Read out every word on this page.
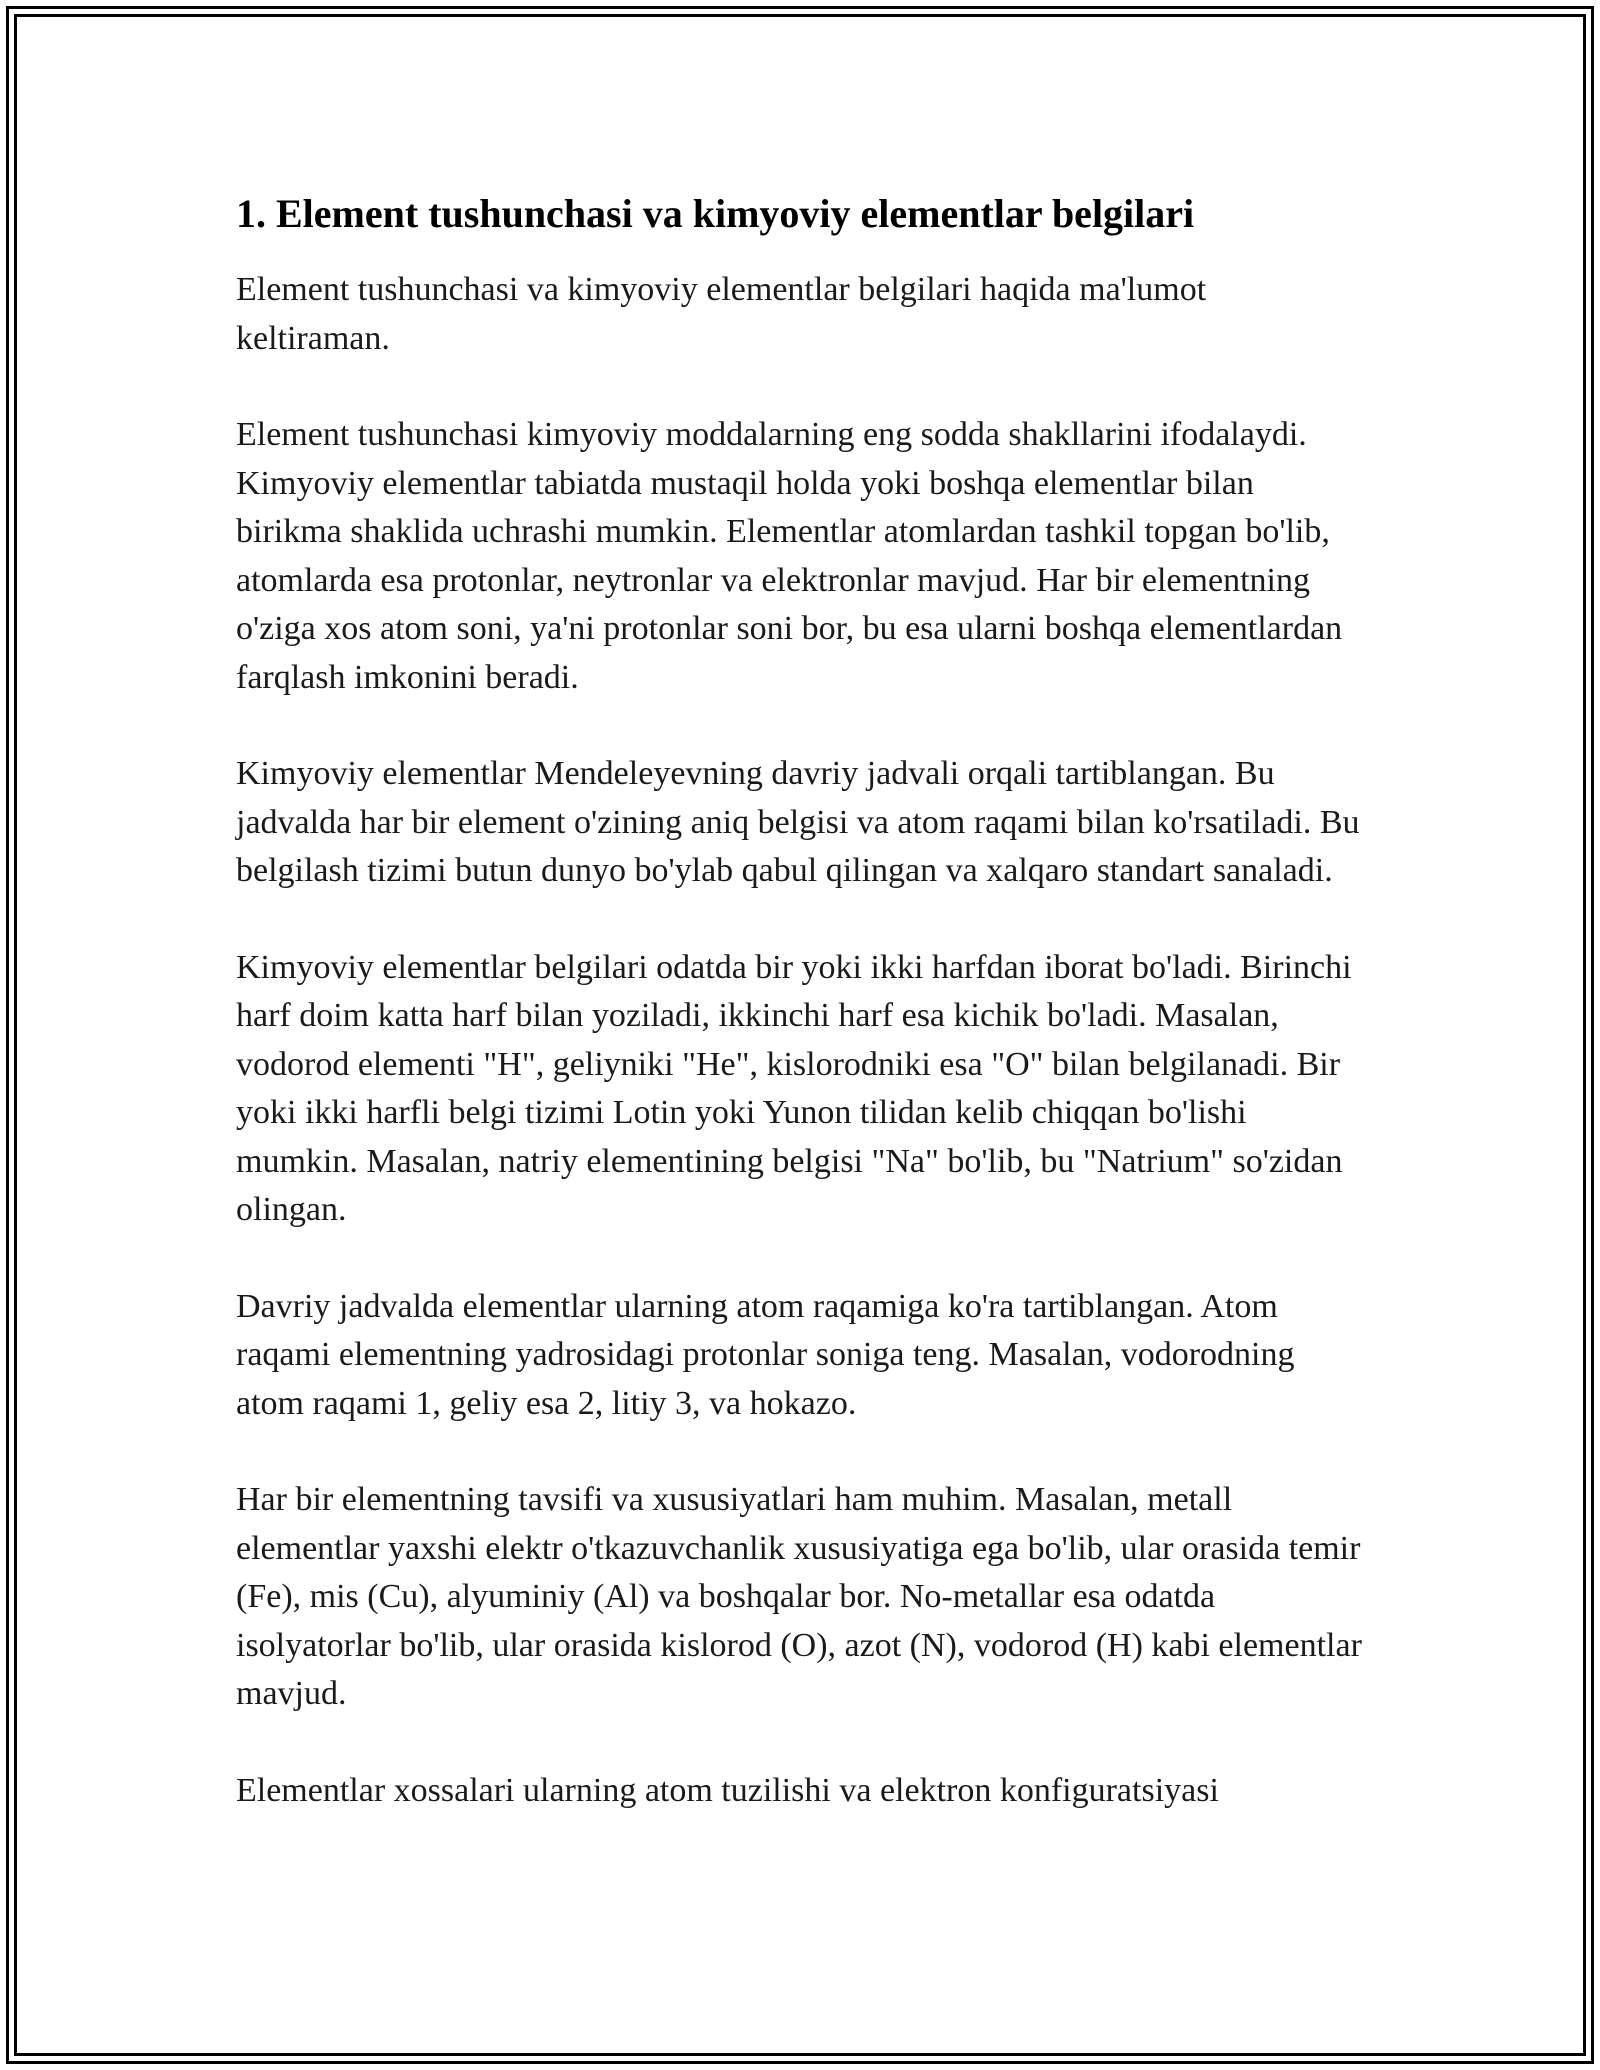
1. Element tushunchasi va kimyoviy elementlar belgilari

Element tushunchasi va kimyoviy elementlar belgilari haqida ma'lumot keltiraman.

Element tushunchasi kimyoviy moddalarning eng sodda shakllarini ifodalaydi. Kimyoviy elementlar tabiatda mustaqil holda yoki boshqa elementlar bilan birikma shaklida uchrashi mumkin. Elementlar atomlardan tashkil topgan bo'lib, atomlarda esa protonlar, neytronlar va elektronlar mavjud. Har bir elementning o'ziga xos atom soni, ya'ni protonlar soni bor, bu esa ularni boshqa elementlardan farqlash imkonini beradi.

Kimyoviy elementlar Mendeleyevning davriy jadvali orqali tartiblangan. Bu jadvalda har bir element o'zining aniq belgisi va atom raqami bilan ko'rsatiladi. Bu belgilash tizimi butun dunyo bo'ylab qabul qilingan va xalqaro standart sanaladi.

Kimyoviy elementlar belgilari odatda bir yoki ikki harfdan iborat bo'ladi. Birinchi harf doim katta harf bilan yoziladi, ikkinchi harf esa kichik bo'ladi. Masalan, vodorod elementi "H", geliyniki "He", kislorodniki esa "O" bilan belgilanadi. Bir yoki ikki harfli belgi tizimi Lotin yoki Yunon tilidan kelib chiqqan bo'lishi mumkin. Masalan, natriy elementining belgisi "Na" bo'lib, bu "Natrium" so'zidan olingan.

Davriy jadvalda elementlar ularning atom raqamiga ko'ra tartiblangan. Atom raqami elementning yadrosidagi protonlar soniga teng. Masalan, vodorodning atom raqami 1, geliy esa 2, litiy 3, va hokazo.

Har bir elementning tavsifi va xususiyatlari ham muhim. Masalan, metall elementlar yaxshi elektr o'tkazuvchanlik xususiyatiga ega bo'lib, ular orasida temir (Fe), mis (Cu), alyuminiy (Al) va boshqalar bor. No-metallar esa odatda isolyatorlar bo'lib, ular orasida kislorod (O), azot (N), vodorod (H) kabi elementlar mavjud.

Elementlar xossalari ularning atom tuzilishi va elektron konfiguratsiyasi
